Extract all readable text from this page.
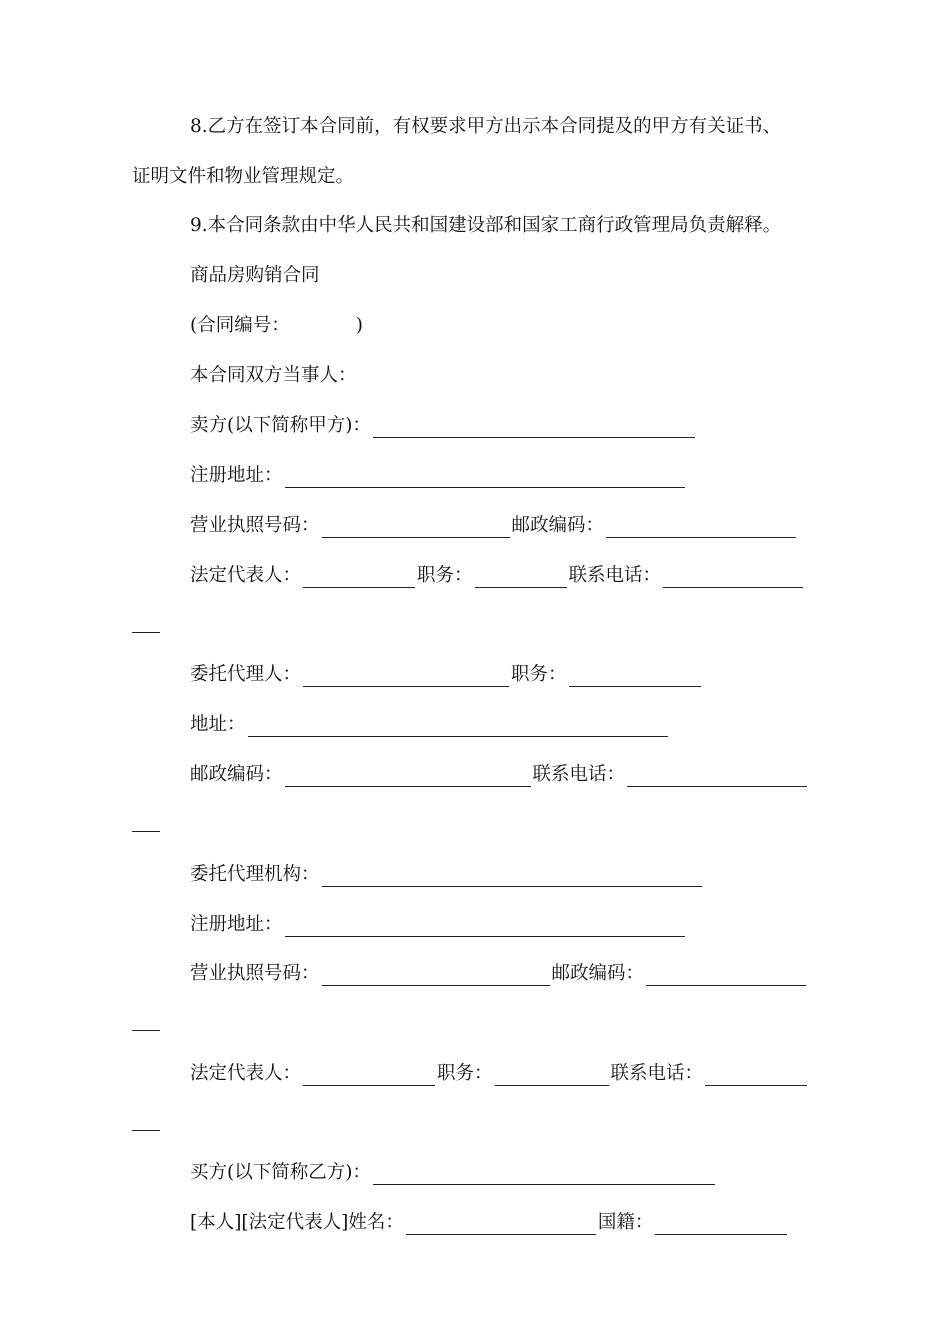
8.乙方在签订本合同前，有权要求甲方出示本合同提及的甲方有关证书、
证明文件和物业管理规定。
9.本合同条款由中华人民共和国建设部和国家工商行政管理局负责解释。
商品房购销合同
(合同编号：	)
本合同双方当事人：
卖方(以下简称甲方)：
注册地址：
营业执照号码：	邮政编码：
法定代表人：	职务：	联系电话：
委托代理人：	职务：
地址：
邮政编码：	联系电话：
委托代理机构：
注册地址：
营业执照号码：	邮政编码：
法定代表人：	职务：	联系电话：
买方(以下简称乙方)：
[本人][法定代表人]姓名：	国籍：
